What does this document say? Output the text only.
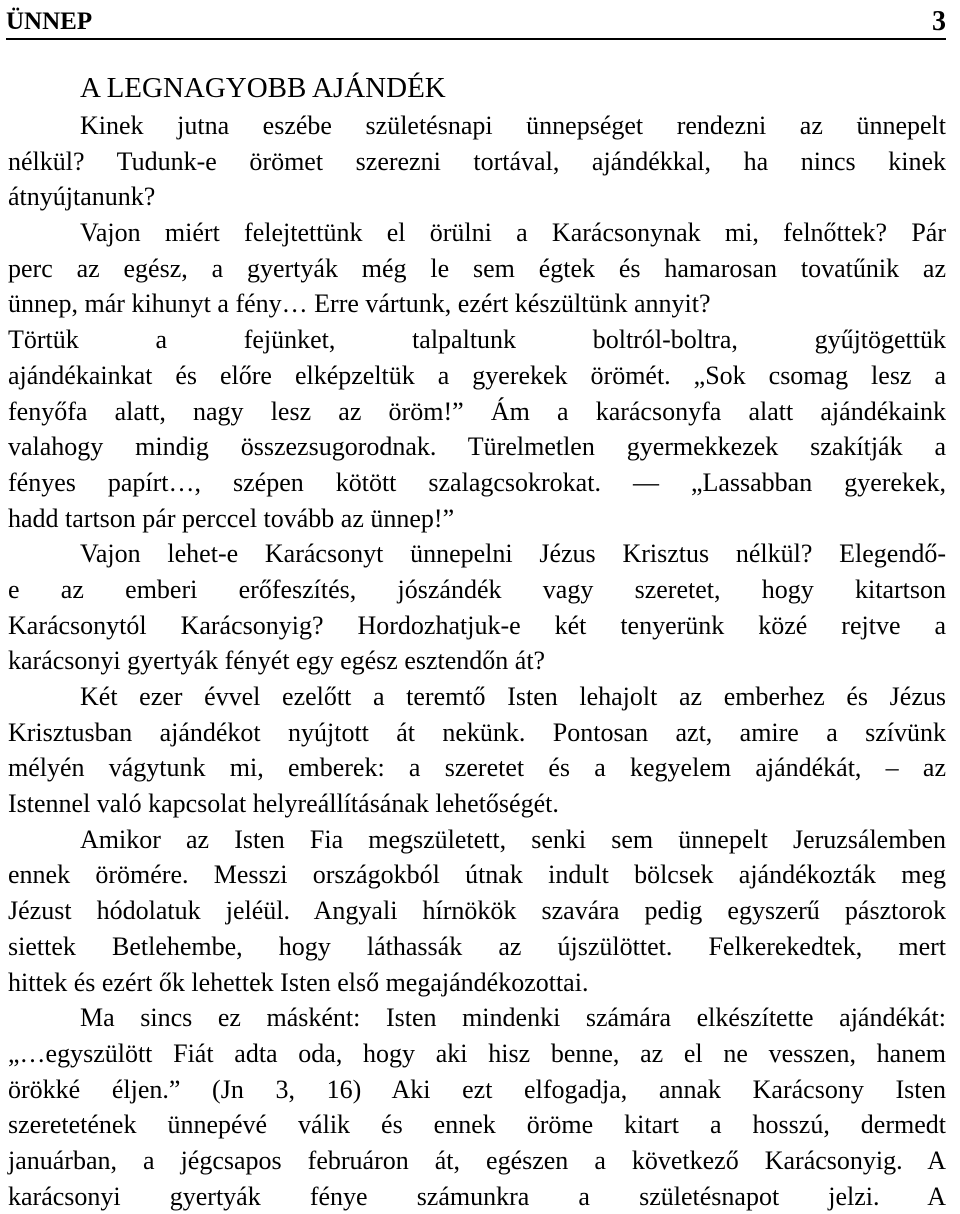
ÜNNEP	3
A LEGNAGYOBB AJÁNDÉK
Kinek jutna eszébe születésnapi ünnepséget rendezni az ünnepelt
nélkül? Tudunk-e örömet szerezni tortával, ajándékkal, ha nincs kinek
átnyújtanunk?
Vajon miért felejtettünk el örülni a Karácsonynak mi, felnőttek? Pár
perc az egész, a gyertyák még le sem égtek és hamarosan tovatűnik az
ünnep, már kihunyt a fény… Erre vártunk, ezért készültünk annyit?
Törtük a fejünket, talpaltunk boltról-boltra, gyűjtögettük
ajándékainkat és előre elképzeltük a gyerekek örömét. „Sok csomag lesz a
fenyőfa alatt, nagy lesz az öröm!” Ám a karácsonyfa alatt ajándékaink
valahogy mindig összezsugorodnak. Türelmetlen gyermekkezek szakítják a
fényes papírt…, szépen kötött szalagcsokrokat. — „Lassabban gyerekek,
hadd tartson pár perccel tovább az ünnep!”
Vajon lehet-e Karácsonyt ünnepelni Jézus Krisztus nélkül? Elegendő-
e az emberi erőfeszítés, jószándék vagy szeretet, hogy kitartson
Karácsonytól Karácsonyig? Hordozhatjuk-e két tenyerünk közé rejtve a
karácsonyi gyertyák fényét egy egész esztendőn át?
Két ezer évvel ezelőtt a teremtő Isten lehajolt az emberhez és Jézus
Krisztusban ajándékot nyújtott át nekünk. Pontosan azt, amire a szívünk
mélyén vágytunk mi, emberek: a szeretet és a kegyelem ajándékát, – az
Istennel való kapcsolat helyreállításának lehetőségét.
Amikor az Isten Fia megszületett, senki sem ünnepelt Jeruzsálemben
ennek örömére. Messzi országokból útnak indult bölcsek ajándékozták meg
Jézust hódolatuk jeléül. Angyali hírnökök szavára pedig egyszerű pásztorok
siettek Betlehembe, hogy láthassák az újszülöttet. Felkerekedtek, mert
hittek és ezért ők lehettek Isten első megajándékozottai.
Ma sincs ez másként: Isten mindenki számára elkészítette ajándékát:
„…egyszülött Fiát adta oda, hogy aki hisz benne, az el ne vesszen, hanem
örökké éljen.” (Jn 3, 16) Aki ezt elfogadja, annak Karácsony Isten
szeretetének ünnepévé válik és ennek öröme kitart a hosszú, dermedt
januárban, a jégcsapos februáron át, egészen a következő Karácsonyig. A
karácsonyi gyertyák fénye számunkra a születésnapot jelzi. A
